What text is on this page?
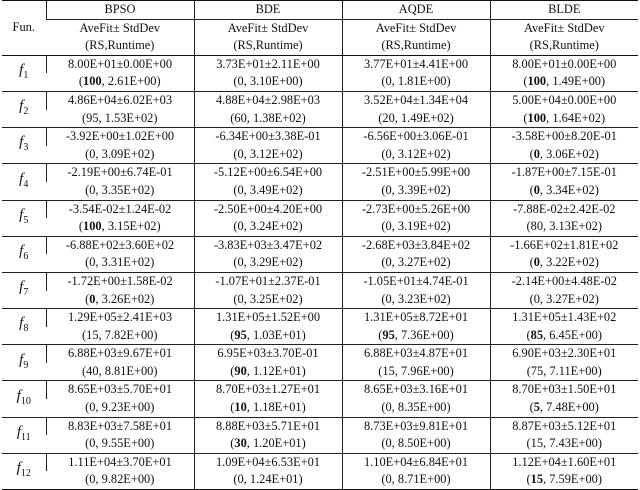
Fun.	BPSO	BDE	AQDE	BLDE
	AveFit± StdDev	AveFit± StdDev	AveFit± StdDev	AveFit± StdDev
	(RS,Runtime)	(RS,Runtime)	(RS,Runtime)	(RS,Runtime)
$f_1$	8.00E+01±0.00E+00	3.73E+01±2.11E+00	3.77E+01±4.41E+00	8.00E+01±0.00E+00
	(100, 2.61E+00)	(0, 3.10E+00)	(0, 1.81E+00)	(100, 1.49E+00)
$f_2$	4.86E+04±6.02E+03	4.88E+04±2.98E+03	3.52E+04±1.34E+04	5.00E+04±0.00E+00
	(95, 1.53E+02)	(60, 1.38E+02)	(20, 1.49E+02)	(100, 1.64E+02)
$f_3$	-3.92E+00±1.02E+00	-6.34E+00±3.38E-01	-6.56E+00±3.06E-01	-3.58E+00±8.20E-01
	(0, 3.09E+02)	(0, 3.12E+02)	(0, 3.12E+02)	(0, 3.06E+02)
$f_4$	-2.19E+00±6.74E-01	-5.12E+00±6.54E+00	-2.51E+00±5.99E+00	-1.87E+00±7.15E-01
	(0, 3.35E+02)	(0, 3.49E+02)	(0, 3.39E+02)	(0, 3.34E+02)
$f_5$	-3.54E-02±1.24E-02	-2.50E+00±4.20E+00	-2.73E+00±5.26E+00	-7.88E-02±2.42E-02
	(100, 3.15E+02)	(0, 3.24E+02)	(0, 3.19E+02)	(80, 3.13E+02)
$f_6$	-6.88E+02±3.60E+02	-3.83E+03±3.47E+02	-2.68E+03±3.84E+02	-1.66E+02±1.81E+02
	(0, 3.31E+02)	(0, 3.29E+02)	(0, 3.27E+02)	(0, 3.22E+02)
$f_7$	-1.72E+00±1.58E-02	-1.07E+01±2.37E-01	-1.05E+01±4.74E-01	-2.14E+00±4.48E-02
	(0, 3.26E+02)	(0, 3.25E+02)	(0, 3.23E+02)	(0, 3.27E+02)
$f_8$	1.29E+05±2.41E+03	1.31E+05±1.52E+00	1.31E+05±8.72E+01	1.31E+05±1.43E+02
	(15, 7.82E+00)	(95, 1.03E+01)	(95, 7.36E+00)	(85, 6.45E+00)
$f_9$	6.88E+03±9.67E+01	6.95E+03±3.70E-01	6.88E+03±4.87E+01	6.90E+03±2.30E+01
	(40, 8.81E+00)	(90, 1.12E+01)	(15, 7.96E+00)	(75, 7.11E+00)
$f_{10}$	8.65E+03±5.70E+01	8.70E+03±1.27E+01	8.65E+03±3.16E+01	8.70E+03±1.50E+01
	(0, 9.23E+00)	(10, 1.18E+01)	(0, 8.35E+00)	(5, 7.48E+00)
$f_{11}$	8.83E+03±7.58E+01	8.88E+03±5.71E+01	8.73E+03±9.81E+01	8.87E+03±5.12E+01
	(0, 9.55E+00)	(30, 1.20E+01)	(0, 8.50E+00)	(15, 7.43E+00)
$f_{12}$	1.11E+04±3.70E+01	1.09E+04±6.53E+01	1.10E+04±6.84E+01	1.12E+04±1.60E+01
	(0, 9.82E+00)	(0, 1.24E+01)	(0, 8.71E+00)	(15, 7.59E+00)
